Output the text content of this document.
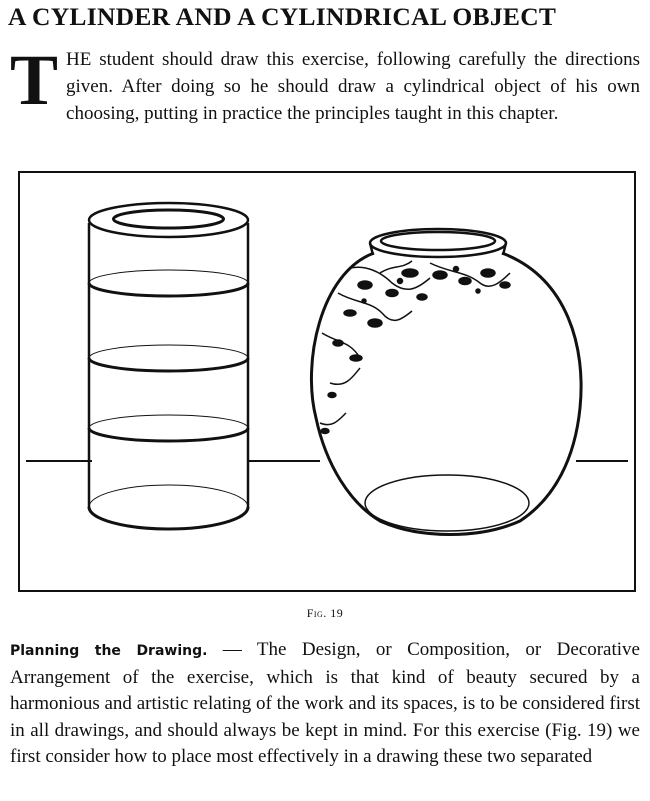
A CYLINDER AND A CYLINDRICAL OBJECT
T HE student should draw this exercise, following carefully the directions given. After doing so he should draw a cylindrical object of his own choosing, putting in practice the principles taught in this chapter.
Fig. 19
Planning the Drawing. — The Design, or Composition, or Decorative Arrangement of the exercise, which is that kind of beauty secured by a harmonious and artistic relating of the work and its spaces, is to be considered first in all drawings, and should always be kept in mind. For this exercise (Fig. 19) we first consider how to place most effectively in a drawing these two separated
